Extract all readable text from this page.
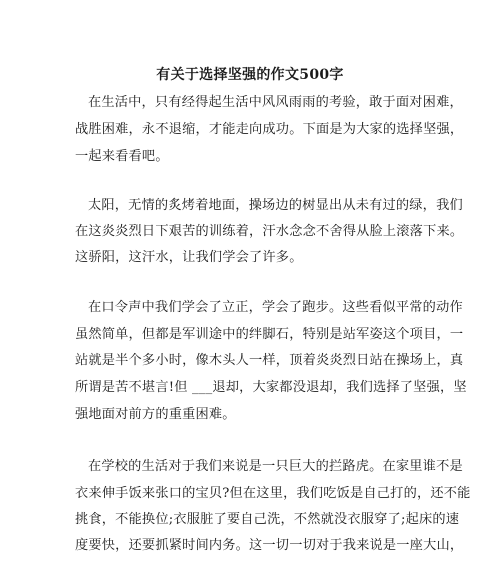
有关于选择坚强的作文500字
在生活中，只有经得起生活中风风雨雨的考验，敢于面对困难，
战胜困难，永不退缩，才能走向成功。下面是为大家的选择坚强，
一起来看看吧。
太阳，无情的炙烤着地面，操场边的树显出从未有过的绿，我们
在这炎炎烈日下艰苦的训练着，汗水念念不舍得从脸上滚落下来。
这骄阳，这汗水，让我们学会了许多。
在口令声中我们学会了立正，学会了跑步。这些看似平常的动作
虽然简单，但都是军训途中的绊脚石，特别是站军姿这个项目，一
站就是半个多小时，像木头人一样，顶着炎炎烈日站在操场上，真
所谓是苦不堪言!但 ___退却，大家都没退却，我们选择了坚强，坚
强地面对前方的重重困难。
在学校的生活对于我们来说是一只巨大的拦路虎。在家里谁不是
衣来伸手饭来张口的宝贝?但在这里，我们吃饭是自己打的，还不能
挑食，不能换位;衣服脏了要自己洗，不然就没衣服穿了;起床的速
度要快，还要抓紧时间内务。这一切一切对于我来说是一座大山，
